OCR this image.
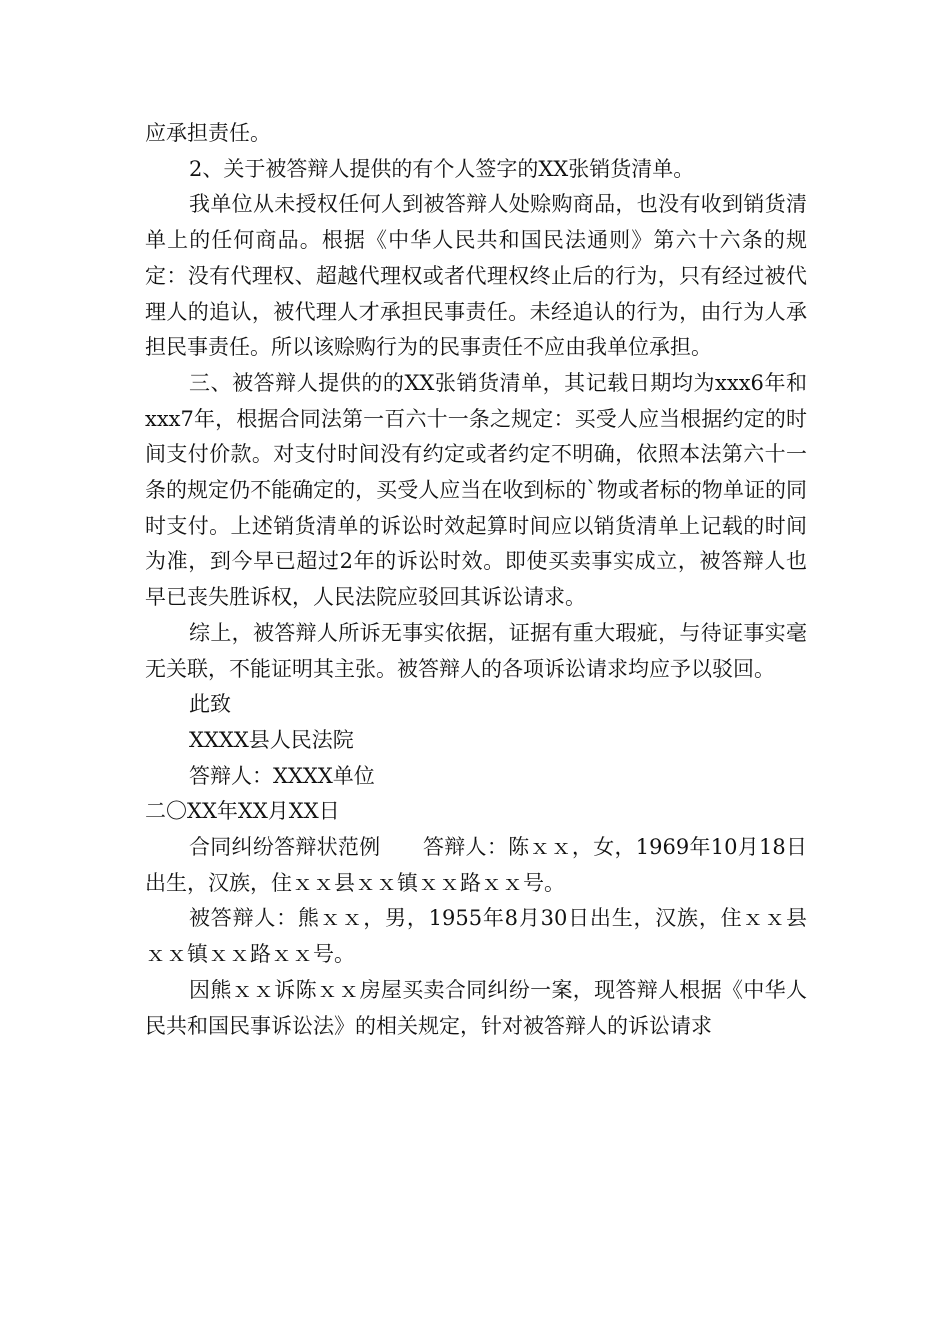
应承担责任。

2、关于被答辩人提供的有个人签字的XX张销货清单。

我单位从未授权任何人到被答辩人处赊购商品，也没有收到销货清单上的任何商品。根据《中华人民共和国民法通则》第六十六条的规定：没有代理权、超越代理权或者代理权终止后的行为，只有经过被代理人的追认，被代理人才承担民事责任。未经追认的行为，由行为人承担民事责任。所以该赊购行为的民事责任不应由我单位承担。

三、被答辩人提供的的XX张销货清单，其记载日期均为xxx6年和xxx7年，根据合同法第一百六十一条之规定：买受人应当根据约定的时间支付价款。对支付时间没有约定或者约定不明确，依照本法第六十一条的规定仍不能确定的，买受人应当在收到标的`物或者标的物单证的同时支付。上述销货清单的诉讼时效起算时间应以销货清单上记载的时间为准，到今早已超过2年的诉讼时效。即使买卖事实成立，被答辩人也早已丧失胜诉权，人民法院应驳回其诉讼请求。

综上，被答辩人所诉无事实依据，证据有重大瑕疵，与待证事实毫无关联，不能证明其主张。被答辩人的各项诉讼请求均应予以驳回。

此致

XXXX县人民法院

答辩人：XXXX单位

二〇XX年XX月XX日

合同纠纷答辩状范例　　答辩人：陈ｘｘ，女，1969年10月18日出生，汉族，住ｘｘ县ｘｘ镇ｘｘ路ｘｘ号。

被答辩人：熊ｘｘ，男，1955年8月30日出生，汉族，住ｘｘ县ｘｘ镇ｘｘ路ｘｘ号。

因熊ｘｘ诉陈ｘｘ房屋买卖合同纠纷一案，现答辩人根据《中华人民共和国民事诉讼法》的相关规定，针对被答辩人的诉讼请求
